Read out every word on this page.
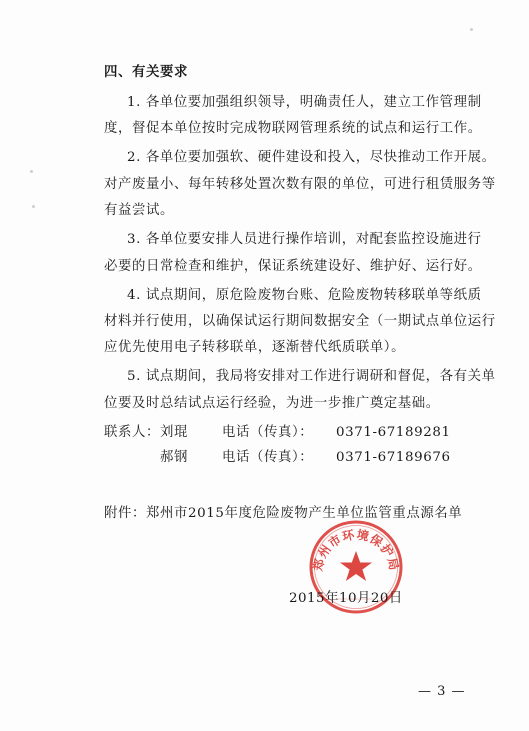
四、有关要求
1. 各单位要加强组织领导，明确责任人，建立工作管理制
度，督促本单位按时完成物联网管理系统的试点和运行工作。
2. 各单位要加强软、硬件建设和投入，尽快推动工作开展。
对产废量小、每年转移处置次数有限的单位，可进行租赁服务等
有益尝试。
3. 各单位要安排人员进行操作培训，对配套监控设施进行
必要的日常检查和维护，保证系统建设好、维护好、运行好。
4. 试点期间，原危险废物台账、危险废物转移联单等纸质
材料并行使用，以确保试运行期间数据安全（一期试点单位运行
应优先使用电子转移联单，逐渐替代纸质联单）。
5. 试点期间，我局将安排对工作进行调研和督促，各有关单
位要及时总结试点运行经验，为进一步推广奠定基础。
联系人： 刘琨	电话（传真）： 0371-67189281
郝钢	电话（传真）： 0371-67189676
附件： 郑州市2015年度危险废物产生单位监管重点源名单
郑州市环境保护局
2015年10月20日
— 3 —
